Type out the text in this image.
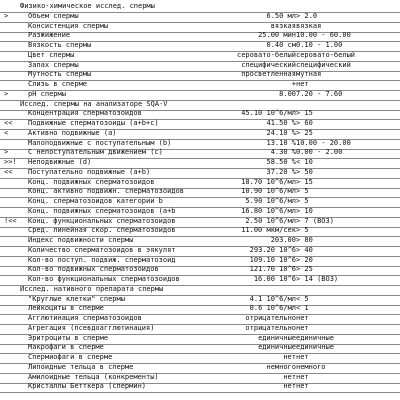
Физико-химическое исслед. спермы
>	Объем спермы	6.50 мл > 2.0
Консистенция спермы	вязкая вязкая
Разжижение	25.00 мин 10.00 - 60.00
Вязкость спермы	0.40 см 0.10 - 1.00
Цвет спермы	серовато-белый серовато-белый
Запах спермы	специфический специфический
Мутность спермы	просветленная мутная
Слизь в сперме	+ нет
>	pH спермы	8.00 7.20 - 7.60
Исслед. спермы на анализаторе SQA-V
Концентрация сперматозоидов	45.10 10^6/мл > 15
<<	Подвижные сперматозоиды (a+b+c)	41.50 % > 60
<	Активно подвижные (a)	24.10 % > 25
Малоподвижные с поступательным (b)	13.10 % 10.00 - 20.00
>	С непоступательным движением (c)	4.30 % 0.00 - 2.00
>>!	Неподвижные (d)	58.50 % < 10
<<	Поступательно подвижные (a+b)	37.20 % > 50
Конц. подвижных сперматозоидов	18.70 10^6/мл > 15
Конц. активно подвижн. сперматозоидов	10.90 10^6/мл > 5
Конц. сперматозоидов категории b	5.90 10^6/мл > 5
Конц. подвижных сперматозоидов (a+b	16.80 10^6/мл > 10
!<<	Конц. функциональных сперматозоидов	2.50 10^6/мл > 7 (ВОЗ)
Сред. линейная скор. сперматозоидов	11.00 мкм/сек > 5
Индекс подвижности спермы	203.00 > 80
Количество сперматозоидов в эякулят	293.20 10^6 > 40
Кол-во поступ. подвиж. сперматозоид	109.10 10^6 > 20
Кол-во подвижных сперматозоидов	121.70 10^6 > 25
Кол-во функциональных сперматозоидов	16.00 10^6 > 14 (ВОЗ)
Исслед. нативного препарата спермы
"Круглые клетки" спермы	4.1 10^6/мл < 5
Лейкоциты в сперме	0.6 10^6/мл < 1
Агглютинация сперматозоидов	отрицательно нет
Агрегация (псевдоагглютинация)	отрицательно нет
Эритроциты в сперме	единичные единичные
Макрофаги в сперме	единичные единичные
Спермиофаги в сперме	нет нет
Липоидные тельца в сперме	немного немного
Амилоидные тельца (конкременты)	нет нет
Кристаллы Бетткера (спермин)	нет нет
